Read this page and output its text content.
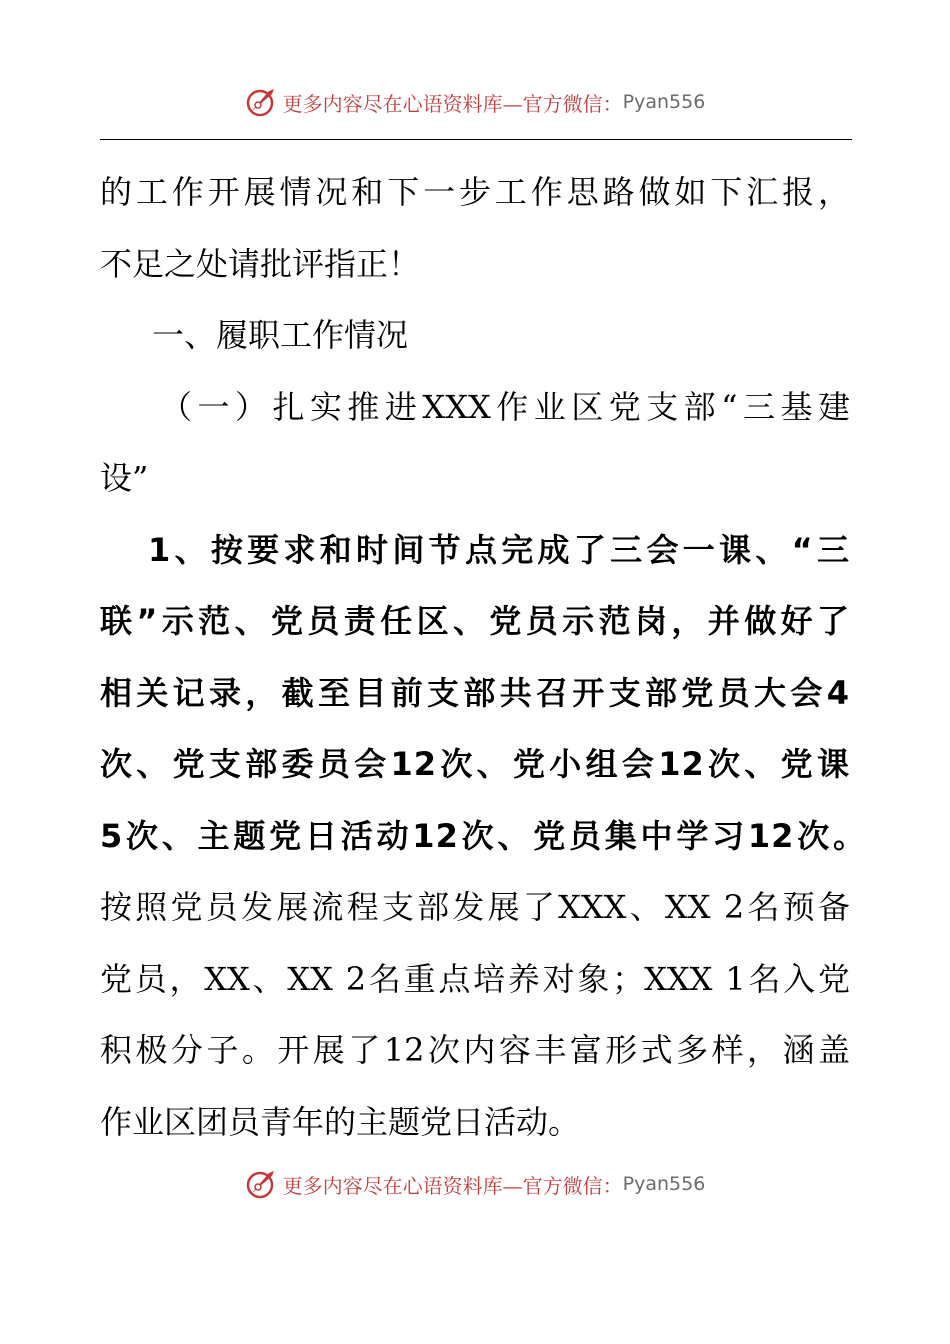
更多内容尽在心语资料库—官方微信： Pyan556
的工作开展情况和下一步工作思路做如下汇报，
不足之处请批评指正！
一、履职工作情况
（一）扎实推进XXX作业区党支部“三基建
设”
1、按要求和时间节点完成了三会一课、“三
联”示范、党员责任区、党员示范岗，并做好了
相关记录，截至目前支部共召开支部党员大会4
次、党支部委员会12次、党小组会12次、党课
5次、主题党日活动12次、党员集中学习12次。
按照党员发展流程支部发展了XXX、XX 2名预备
党员，XX、XX 2名重点培养对象；XXX 1名入党
积极分子。开展了12次内容丰富形式多样，涵盖
作业区团员青年的主题党日活动。
更多内容尽在心语资料库—官方微信： Pyan556
